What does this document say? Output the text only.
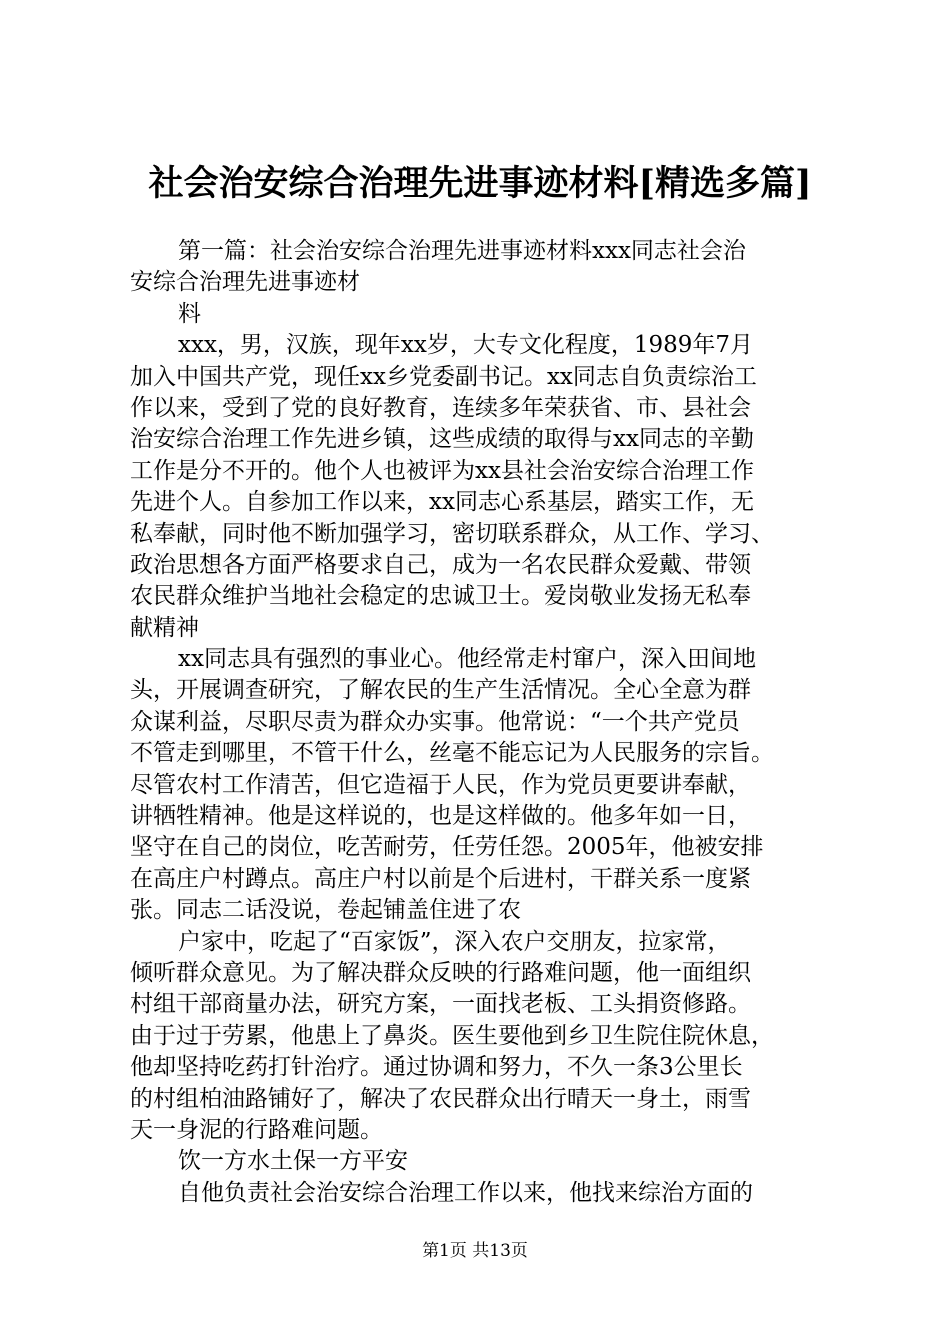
社会治安综合治理先进事迹材料[精选多篇]
第一篇：社会治安综合治理先进事迹材料xxx同志社会治
安综合治理先进事迹材
料
xxx，男，汉族，现年xx岁，大专文化程度，1989年7月
加入中国共产党，现任xx乡党委副书记。xx同志自负责综治工
作以来，受到了党的良好教育，连续多年荣获省、市、县社会
治安综合治理工作先进乡镇，这些成绩的取得与xx同志的辛勤
工作是分不开的。他个人也被评为xx县社会治安综合治理工作
先进个人。自参加工作以来，xx同志心系基层，踏实工作，无
私奉献，同时他不断加强学习，密切联系群众，从工作、学习、
政治思想各方面严格要求自己，成为一名农民群众爱戴、带领
农民群众维护当地社会稳定的忠诚卫士。爱岗敬业发扬无私奉
献精神
xx同志具有强烈的事业心。他经常走村窜户，深入田间地
头，开展调查研究，了解农民的生产生活情况。全心全意为群
众谋利益，尽职尽责为群众办实事。他常说：“一个共产党员
不管走到哪里，不管干什么，丝毫不能忘记为人民服务的宗旨。
尽管农村工作清苦，但它造福于人民，作为党员更要讲奉献，
讲牺牲精神。他是这样说的，也是这样做的。他多年如一日，
坚守在自己的岗位，吃苦耐劳，任劳任怨。2005年，他被安排
在高庄户村蹲点。高庄户村以前是个后进村，干群关系一度紧
张。同志二话没说，卷起铺盖住进了农
户家中，吃起了“百家饭”，深入农户交朋友，拉家常，
倾听群众意见。为了解决群众反映的行路难问题，他一面组织
村组干部商量办法，研究方案，一面找老板、工头捐资修路。
由于过于劳累，他患上了鼻炎。医生要他到乡卫生院住院休息，
他却坚持吃药打针治疗。通过协调和努力，不久一条3公里长
的村组柏油路铺好了，解决了农民群众出行晴天一身土，雨雪
天一身泥的行路难问题。
饮一方水土保一方平安
自他负责社会治安综合治理工作以来，他找来综治方面的
第1页 共13页
